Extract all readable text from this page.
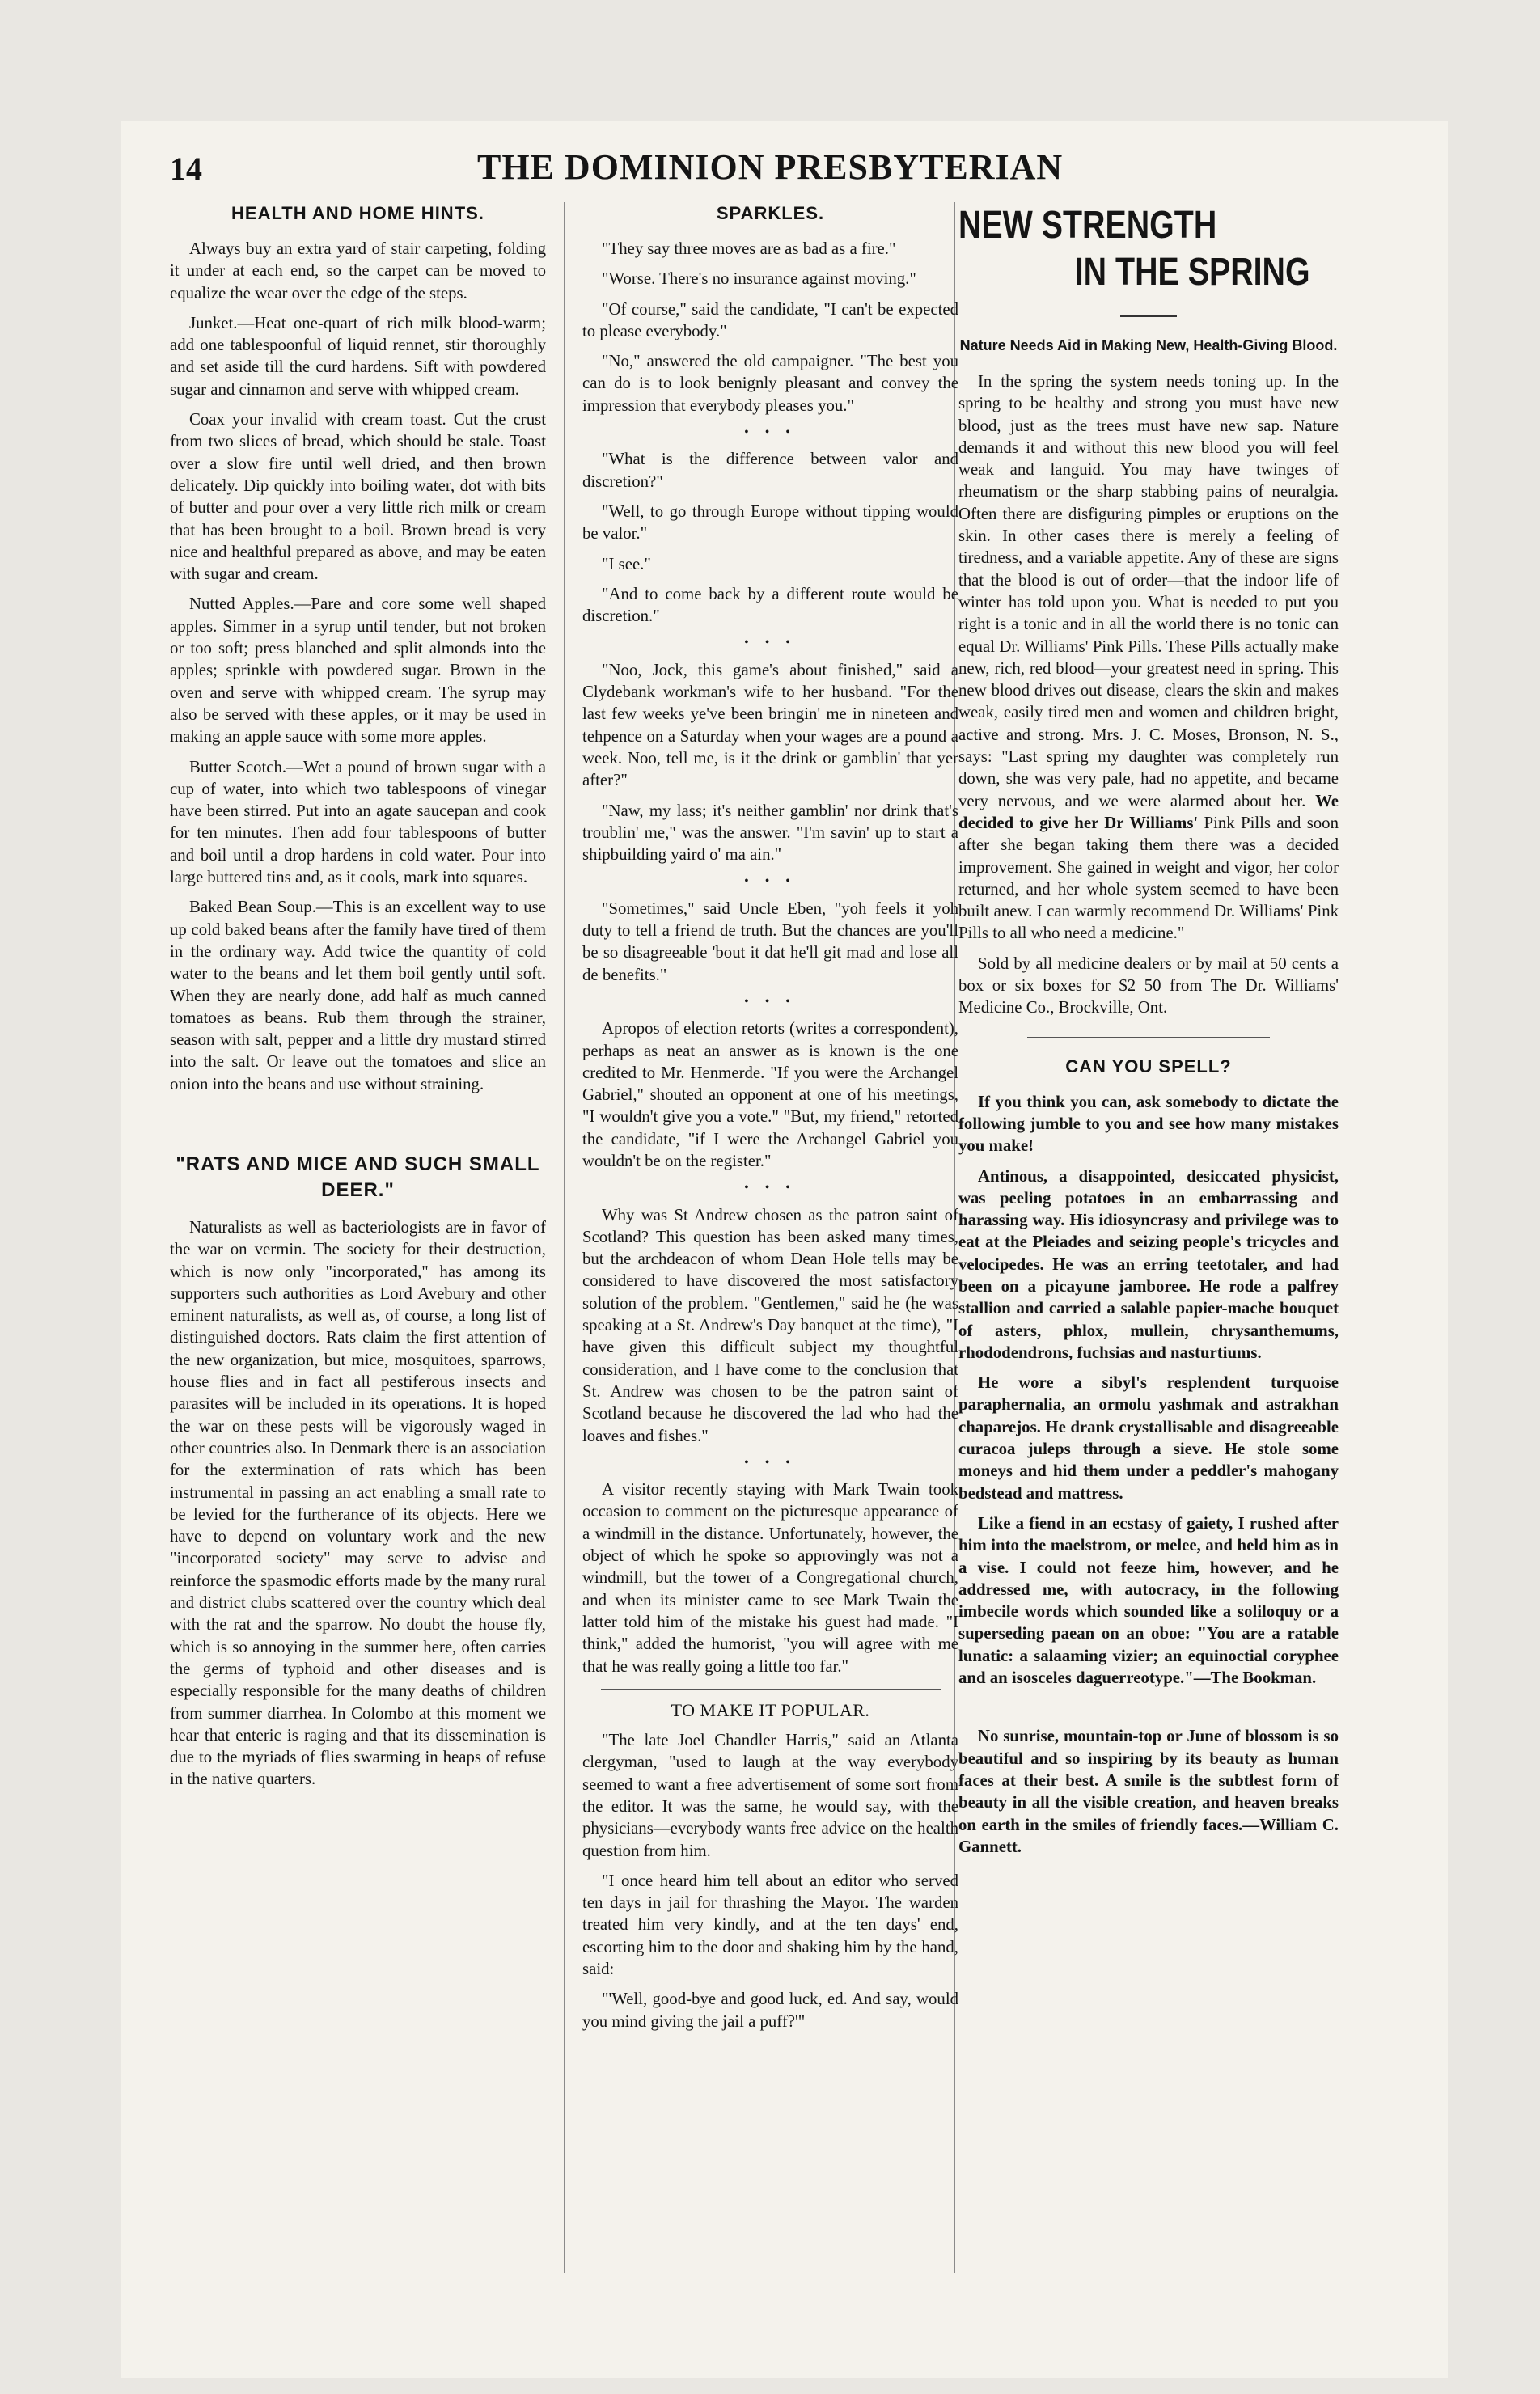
14	THE DOMINION PRESBYTERIAN
HEALTH AND HOME HINTS.

Always buy an extra yard of stair carpeting, folding it under at each end, so the carpet can be moved to equalize the wear over the edge of the steps.

Junket.—Heat one-quart of rich milk blood-warm; add one tablespoonful of liquid rennet, stir thoroughly and set aside till the curd hardens. Sift with powdered sugar and cinnamon and serve with whipped cream.

Coax your invalid with cream toast. Cut the crust from two slices of bread, which should be stale. Toast over a slow fire until well dried, and then brown delicately. Dip quickly into boiling water, dot with bits of butter and pour over a very little rich milk or cream that has been brought to a boil. Brown bread is very nice and healthful prepared as above, and may be eaten with sugar and cream.

Nutted Apples.—Pare and core some well shaped apples. Simmer in a syrup until tender, but not broken or too soft; press blanched and split almonds into the apples; sprinkle with powdered sugar. Brown in the oven and serve with whipped cream. The syrup may also be served with these apples, or it may be used in making an apple sauce with some more apples.

Butter Scotch.—Wet a pound of brown sugar with a cup of water, into which two tablespoons of vinegar have been stirred. Put into an agate saucepan and cook for ten minutes. Then add four tablespoons of butter and boil until a drop hardens in cold water. Pour into large buttered tins and, as it cools, mark into squares.

Baked Bean Soup.—This is an excellent way to use up cold baked beans after the family have tired of them in the ordinary way. Add twice the quantity of cold water to the beans and let them boil gently until soft. When they are nearly done, add half as much canned tomatoes as beans. Rub them through the strainer, season with salt, pepper and a little dry mustard stirred into the salt. Or leave out the tomatoes and slice an onion into the beans and use without straining.

"RATS AND MICE AND SUCH SMALL DEER."

Naturalists as well as bacteriologists are in favor of the war on vermin. The society for their destruction, which is now only "incorporated," has among its supporters such authorities as Lord Avebury and other eminent naturalists, as well as, of course, a long list of distinguished doctors. Rats claim the first attention of the new organization, but mice, mosquitoes, sparrows, house flies and in fact all pestiferous insects and parasites will be included in its operations. It is hoped the war on these pests will be vigorously waged in other countries also. In Denmark there is an association for the extermination of rats which has been instrumental in passing an act enabling a small rate to be levied for the furtherance of its objects. Here we have to depend on voluntary work and the new "incorporated society" may serve to advise and reinforce the spasmodic efforts made by the many rural and district clubs scattered over the country which deal with the rat and the sparrow. No doubt the house fly, which is so annoying in the summer here, often carries the germs of typhoid and other diseases and is especially responsible for the many deaths of children from summer diarrhea. In Colombo at this moment we hear that enteric is raging and that its dissemination is due to the myriads of flies swarming in heaps of refuse in the native quarters.

SPARKLES.

"They say three moves are as bad as a fire."

"Worse. There's no insurance against moving."

"Of course," said the candidate, "I can't be expected to please everybody."

"No," answered the old campaigner. "The best you can do is to look benignly pleasant and convey the impression that everybody pleases you."

• • •

"What is the difference between valor and discretion?"

"Well, to go through Europe without tipping would be valor."

"I see."

"And to come back by a different route would be discretion."

• • •

"Noo, Jock, this game's about finished," said a Clydebank workman's wife to her husband. "For the last few weeks ye've been bringin' me in nineteen and tehpence on a Saturday when your wages are a pound a week. Noo, tell me, is it the drink or gamblin' that yer after?"

"Naw, my lass; it's neither gamblin' nor drink that's troublin' me," was the answer. "I'm savin' up to start a shipbuilding yaird o' ma ain."

• • •

"Sometimes," said Uncle Eben, "yoh feels it yoh duty to tell a friend de truth. But the chances are you'll be so disagreeable 'bout it dat he'll git mad and lose all de benefits."

• • •

Apropos of election retorts (writes a correspondent), perhaps as neat an answer as is known is the one credited to Mr. Henmerde. "If you were the Archangel Gabriel," shouted an opponent at one of his meetings, "I wouldn't give you a vote." "But, my friend," retorted the candidate, "if I were the Archangel Gabriel you wouldn't be on the register."

• • •

Why was St Andrew chosen as the patron saint of Scotland? This question has been asked many times, but the archdeacon of whom Dean Hole tells may be considered to have discovered the most satisfactory solution of the problem. "Gentlemen," said he (he was speaking at a St. Andrew's Day banquet at the time), "I have given this difficult subject my thoughtful consideration, and I have come to the conclusion that St. Andrew was chosen to be the patron saint of Scotland because he discovered the lad who had the loaves and fishes."

• • •

A visitor recently staying with Mark Twain took occasion to comment on the picturesque appearance of a windmill in the distance. Unfortunately, however, the object of which he spoke so approvingly was not a windmill, but the tower of a Congregational church, and when its minister came to see Mark Twain the latter told him of the mistake his guest had made. "I think," added the humorist, "you will agree with me that he was really going a little too far."

TO MAKE IT POPULAR.

"The late Joel Chandler Harris," said an Atlanta clergyman, "used to laugh at the way everybody seemed to want a free advertisement of some sort from the editor. It was the same, he would say, with the physicians—everybody wants free advice on the health question from him.

"I once heard him tell about an editor who served ten days in jail for thrashing the Mayor. The warden treated him very kindly, and at the ten days' end, escorting him to the door and shaking him by the hand, said:

"'Well, good-bye and good luck, ed. And say, would you mind giving the jail a puff?'"

NEW STRENGTH
IN THE SPRING
Nature Needs Aid in Making New, Health-Giving Blood.

In the spring the system needs toning up. In the spring to be healthy and strong you must have new blood, just as the trees must have new sap. Nature demands it and without this new blood you will feel weak and languid. You may have twinges of rheumatism or the sharp stabbing pains of neuralgia. Often there are disfiguring pimples or eruptions on the skin. In other cases there is merely a feeling of tiredness, and a variable appetite. Any of these are signs that the blood is out of order—that the indoor life of winter has told upon you. What is needed to put you right is a tonic and in all the world there is no tonic can equal Dr. Williams' Pink Pills. These Pills actually make new, rich, red blood—your greatest need in spring. This new blood drives out disease, clears the skin and makes weak, easily tired men and women and children bright, active and strong. Mrs. J. C. Moses, Bronson, N. S., says: "Last spring my daughter was completely run down, she was very pale, had no appetite, and became very nervous, and we were alarmed about her. We decided to give her Dr Williams' Pink Pills and soon after she began taking them there was a decided improvement. She gained in weight and vigor, her color returned, and her whole system seemed to have been built anew. I can warmly recommend Dr. Williams' Pink Pills to all who need a medicine."

Sold by all medicine dealers or by mail at 50 cents a box or six boxes for $2 50 from The Dr. Williams' Medicine Co., Brockville, Ont.

CAN YOU SPELL?

If you think you can, ask somebody to dictate the following jumble to you and see how many mistakes you make!

Antinous, a disappointed, desiccated physicist, was peeling potatoes in an embarrassing and harassing way. His idiosyncrasy and privilege was to eat at the Pleiades and seizing people's tricycles and velocipedes. He was an erring teetotaler, and had been on a picayune jamboree. He rode a palfrey stallion and carried a salable papier-mache bouquet of asters, phlox, mullein, chrysanthemums, rhododendrons, fuchsias and nasturtiums.

He wore a sibyl's resplendent turquoise paraphernalia, an ormolu yashmak and astrakhan chaparejos. He drank crystallisable and disagreeable curacoa juleps through a sieve. He stole some moneys and hid them under a peddler's mahogany bedstead and mattress.

Like a fiend in an ecstasy of gaiety, I rushed after him into the maelstrom, or melee, and held him as in a vise. I could not feeze him, however, and he addressed me, with autocracy, in the following imbecile words which sounded like a soliloquy or a superseding paean on an oboe: "You are a ratable lunatic: a salaaming vizier; an equinoctial coryphee and an isosceles daguerreotype."—The Bookman.

No sunrise, mountain-top or June of blossom is so beautiful and so inspiring by its beauty as human faces at their best. A smile is the subtlest form of beauty in all the visible creation, and heaven breaks on earth in the smiles of friendly faces.—William C. Gannett.
